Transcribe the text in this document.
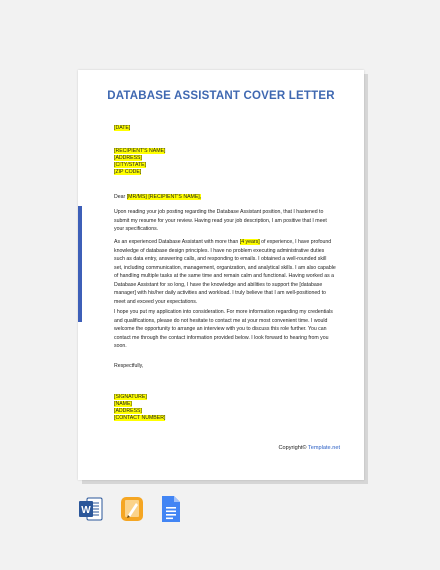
DATABASE ASSISTANT COVER LETTER
[DATE]
[RECIPIENT'S NAME]
[ADDRESS]
[CITY/STATE]
[ZIP CODE]
Dear [MR/MS] [RECIPIENT'S NAME],
Upon reading your job posting regarding the Database Assistant position, that I hastened to submit my resume for your review. Having read your job description, I am positive that I meet your specifications.
As an experienced Database Assistant with more than [4 years] of experience, I have profound knowledge of database design principles. I have no problem executing administrative duties such as data entry, answering calls, and responding to emails. I obtained a well-rounded skill set, including communication, management, organization, and analytical skills. I am also capable of handling multiple tasks at the same time and remain calm and functional. Having worked as a Database Assistant for so long, I have the knowledge and abilities to support the [database manager] with his/her daily activities and workload. I truly believe that I am well-positioned to meet and exceed your expectations.
I hope you put my application into consideration. For more information regarding my credentials and qualifications, please do not hesitate to contact me at your most convenient time. I would welcome the opportunity to arrange an interview with you to discuss this role further. You can contact me through the contact information provided below. I look forward to hearing from you soon.
Respectfully,
[SIGNATURE]
[NAME]
[ADDRESS]
[CONTACT NUMBER]
Copyright© Template.net
W
